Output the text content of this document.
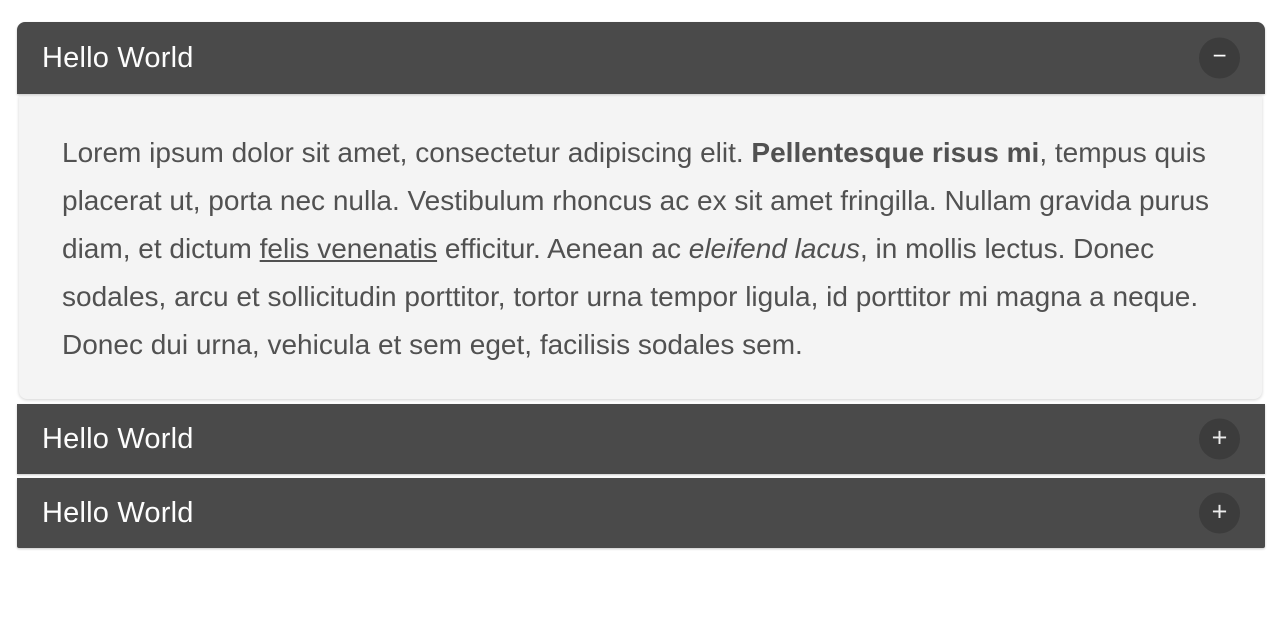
Hello World	−

Lorem ipsum dolor sit amet, consectetur adipiscing elit. Pellentesque risus mi, tempus quis placerat ut, porta nec nulla. Vestibulum rhoncus ac ex sit amet fringilla. Nullam gravida purus diam, et dictum felis venenatis efficitur. Aenean ac eleifend lacus, in mollis lectus. Donec sodales, arcu et sollicitudin porttitor, tortor urna tempor ligula, id porttitor mi magna a neque. Donec dui urna, vehicula et sem eget, facilisis sodales sem.

Hello World	+
Hello World	+
